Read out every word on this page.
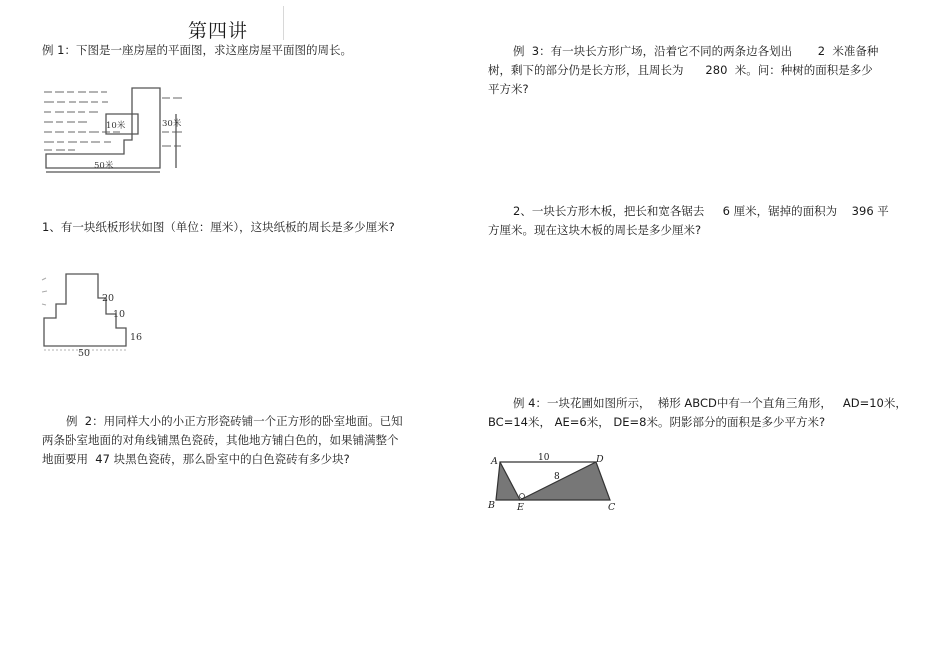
第四讲
例 1：下图是一座房屋的平面图，求这座房屋平面图的周长。
10米	30米
50米
1、有一块纸板形状如图（单位：厘米），这块纸板的周长是多少厘米?
20
10
16
50
例  2：用同样大小的小正方形瓷砖铺一个正方形的卧室地面。已知
两条卧室地面的对角线铺黑色瓷砖，其他地方铺白色的，如果铺满整个
地面要用  47 块黑色瓷砖，那么卧室中的白色瓷砖有多少块?
例  3：有一块长方形广场，沿着它不同的两条边各划出       2  米准备种
树，剩下的部分仍是长方形，且周长为      280  米。问：种树的面积是多少
平方米?
2、一块长方形木板，把长和宽各锯去     6 厘米，锯掉的面积为    396 平
方厘米。现在这块木板的周长是多少厘米?
例 4：一块花圃如图所示，  梯形 ABCD中有一个直角三角形，   AD=10米，
BC=14米， AE=6米， DE=8米。阴影部分的面积是多少平方米?
A	D
B E	C
10
6	8
